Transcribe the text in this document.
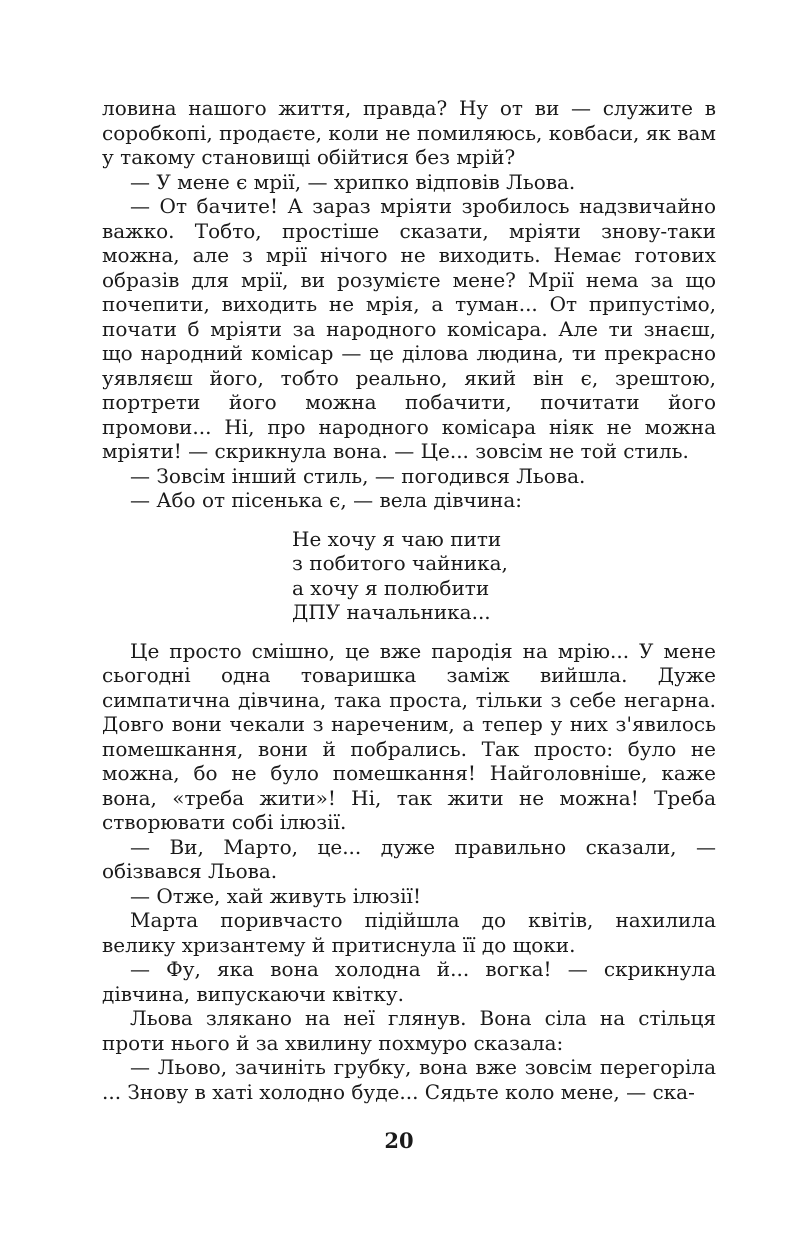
ловина нашого життя, правда? Ну от ви — служите в соробкопі, продаєте, коли не помиляюсь, ковбаси, як вам у такому становищі обійтися без мрій?

— У мене є мрії, — хрипко відповів Льова.

— От бачите! А зараз мріяти зробилось надзвичайно важко. Тобто, простіше сказати, мріяти знову-таки можна, але з мрії нічого не виходить. Немає готових образів для мрії, ви розумієте мене? Мрії нема за що почепити, виходить не мрія, а туман... От припустімо, почати б мріяти за народного комісара. Але ти знаєш, що народний комісар — це ділова людина, ти прекрасно уявляєш його, тобто реально, який він є, зрештою, портрети його можна побачити, почитати його промови... Ні, про народного комісара ніяк не можна мріяти! — скрикнула вона. — Це... зовсім не той стиль.

— Зовсім інший стиль, — погодився Льова.

— Або от пісенька є, — вела дівчина:

Не хочу я чаю пити
з побитого чайника,
а хочу я полюбити
ДПУ начальника...

Це просто смішно, це вже пародія на мрію... У мене сьогодні одна товаришка заміж вийшла. Дуже симпатична дівчина, така проста, тільки з себе негарна. Довго вони чекали з нареченим, а тепер у них з'явилось помешкання, вони й побрались. Так просто: було не можна, бо не було помешкання! Найголовніше, каже вона, «треба жити»! Ні, так жити не можна! Треба створювати собі ілюзії.

— Ви, Марто, це... дуже правильно сказали, — обізвався Льова.

— Отже, хай живуть ілюзії!

Марта поривчасто підійшла до квітів, нахилила велику хризантему й притиснула її до щоки.

— Фу, яка вона холодна й... вогка! — скрикнула дівчина, випускаючи квітку.

Льова злякано на неї глянув. Вона сіла на стільця проти нього й за хвилину похмуро сказала:

— Льово, зачиніть грубку, вона вже зовсім перегоріла ... Знову в хаті холодно буде... Сядьте коло мене, — ска-

20
